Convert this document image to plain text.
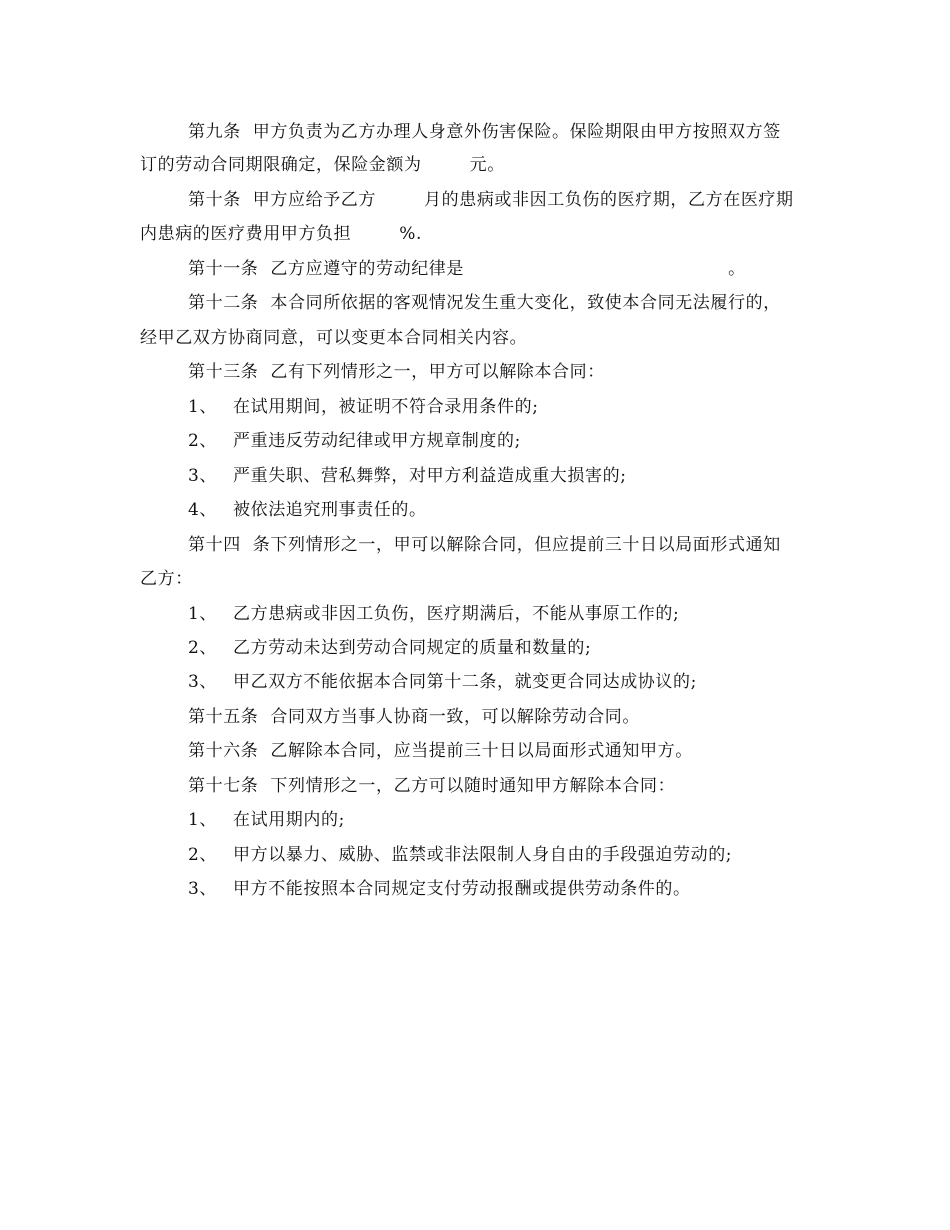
第九条  甲方负责为乙方办理人身意外伤害保险。保险期限由甲方按照双方签
订的劳动合同期限确定，保险金额为        元。
第十条  甲方应给予乙方        月的患病或非因工负伤的医疗期，乙方在医疗期
内患病的医疗费用甲方负担        %.
第十一条  乙方应遵守的劳动纪律是                                            。
第十二条  本合同所依据的客观情况发生重大变化，致使本合同无法履行的，
经甲乙双方协商同意，可以变更本合同相关内容。
第十三条  乙有下列情形之一，甲方可以解除本合同：
1、 在试用期间，被证明不符合录用条件的;
2、 严重违反劳动纪律或甲方规章制度的;
3、 严重失职、营私舞弊，对甲方利益造成重大损害的;
4、 被依法追究刑事责任的。
第十四  条下列情形之一，甲可以解除合同，但应提前三十日以局面形式通知
乙方：
1、 乙方患病或非因工负伤，医疗期满后，不能从事原工作的;
2、 乙方劳动未达到劳动合同规定的质量和数量的;
3、 甲乙双方不能依据本合同第十二条，就变更合同达成协议的;
第十五条  合同双方当事人协商一致，可以解除劳动合同。
第十六条  乙解除本合同，应当提前三十日以局面形式通知甲方。
第十七条  下列情形之一，乙方可以随时通知甲方解除本合同：
1、 在试用期内的;
2、 甲方以暴力、威胁、监禁或非法限制人身自由的手段强迫劳动的;
3、 甲方不能按照本合同规定支付劳动报酬或提供劳动条件的。
